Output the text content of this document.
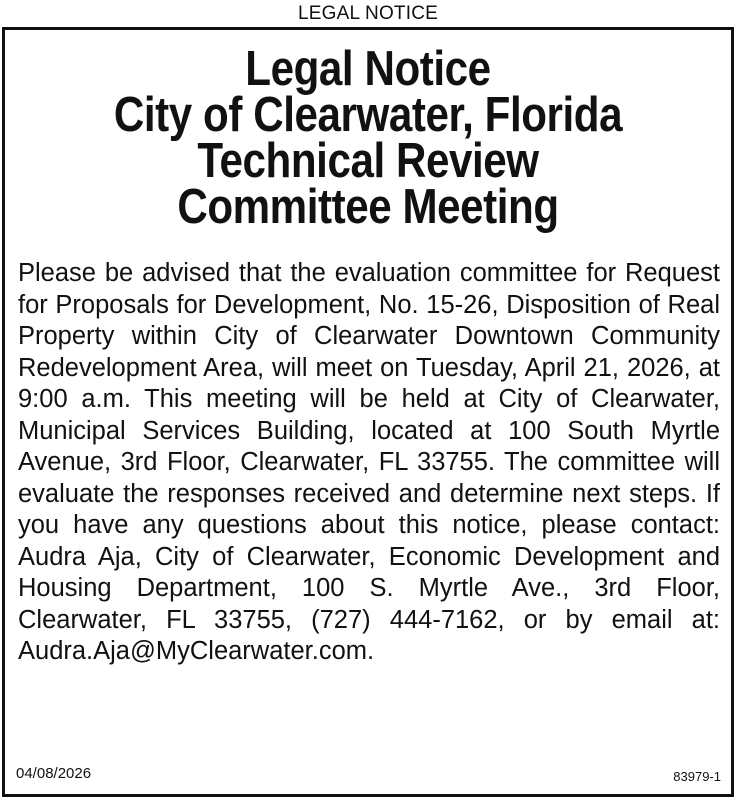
LEGAL NOTICE
Legal Notice
City of Clearwater, Florida
Technical Review
Committee Meeting
Please be advised that the evaluation committee for Request for Proposals for Development, No. 15-26, Disposition of Real Property within City of Clearwater Downtown Community Redevelopment Area, will meet on Tuesday, April 21, 2026, at 9:00 a.m. This meeting will be held at City of Clearwater, Municipal Services Building, located at 100 South Myrtle Avenue, 3rd Floor, Clearwater, FL 33755. The committee will evaluate the responses received and determine next steps. If you have any questions about this notice, please contact: Audra Aja, City of Clearwater, Economic Development and Housing Department, 100 S. Myrtle Ave., 3rd Floor, Clearwater, FL 33755, (727) 444-7162, or by email at: Audra.Aja@MyClearwater.com.
04/08/2026	83979-1
